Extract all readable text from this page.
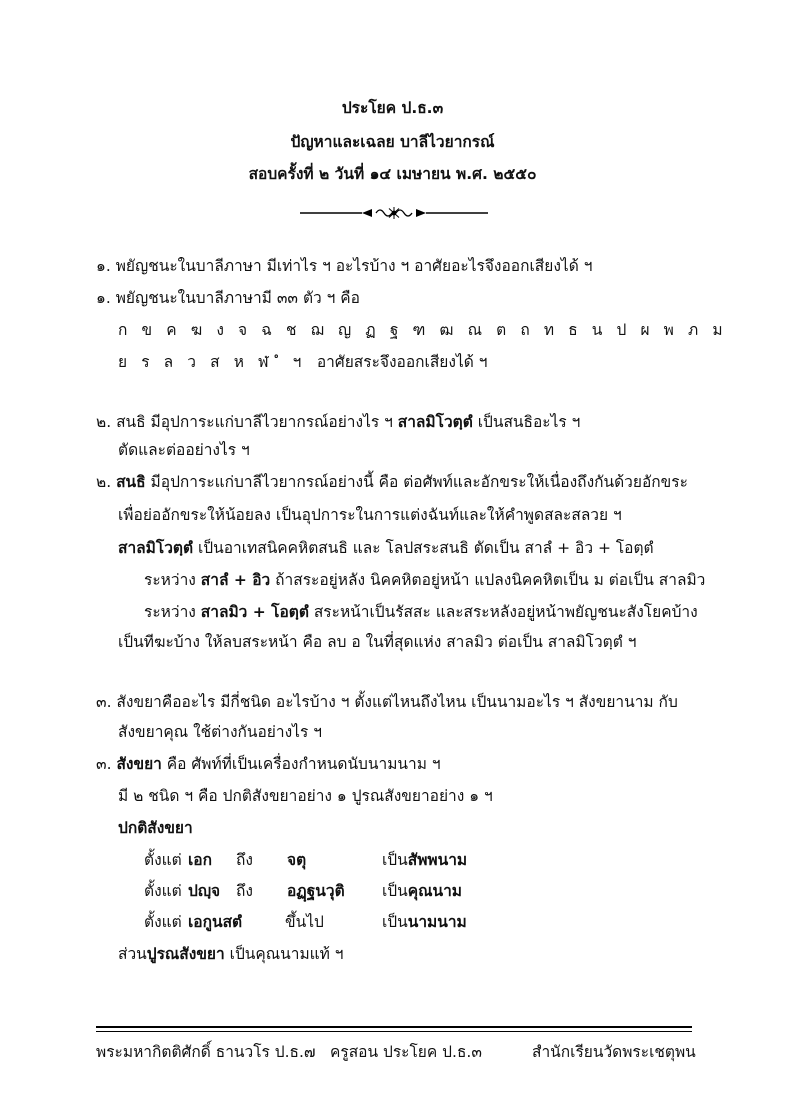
ประโยค ป.ธ.๓
ปัญหาและเฉลย บาลีไวยากรณ์
สอบครั้งที่ ๒ วันที่ ๑๔ เมษายน พ.ศ. ๒๕๕๐
๑. พยัญชนะในบาลีภาษา มีเท่าไร ฯ อะไรบ้าง ฯ อาศัยอะไรจึงออกเสียงได้ ฯ
๑. พยัญชนะในบาลีภาษามี ๓๓ ตัว ฯ คือ
ก ข ค ฆ ง จ ฉ ช ฌ ญ ฏ ฐ ฑ ฒ ณ ต ถ ท ธ น ป ผ พ ภ ม
ย ร ล ว ส ห ฬ ํ ฯ อาศัยสระจึงออกเสียงได้ ฯ
๒. สนธิ มีอุปการะแก่บาลีไวยากรณ์อย่างไร ฯ สาลมิโวตฺตํ เป็นสนธิอะไร ฯ
ตัดและต่ออย่างไร ฯ
๒. สนธิ มีอุปการะแก่บาลีไวยากรณ์อย่างนี้ คือ ต่อศัพท์และอักขระให้เนื่องถึงกันด้วยอักขระ
เพื่อย่ออักขระให้น้อยลง เป็นอุปการะในการแต่งฉันท์และให้คำพูดสละสลวย ฯ
สาลมิโวตฺตํ เป็นอาเทสนิคคหิตสนธิ และ โลปสระสนธิ ตัดเป็น สาลํ + อิว + โอตฺตํ
ระหว่าง สาลํ + อิว ถ้าสระอยู่หลัง นิคคหิตอยู่หน้า แปลงนิคคหิตเป็น ม ต่อเป็น สาลมิว
ระหว่าง สาลมิว + โอตฺตํ สระหน้าเป็นรัสสะ และสระหลังอยู่หน้าพยัญชนะสังโยคบ้าง
เป็นทีฆะบ้าง ให้ลบสระหน้า คือ ลบ อ ในที่สุดแห่ง สาลมิว ต่อเป็น สาลมิโวตฺตํ ฯ
๓. สังขยาคืออะไร มีกี่ชนิด อะไรบ้าง ฯ ตั้งแต่ไหนถึงไหน เป็นนามอะไร ฯ สังขยานาม กับ
สังขยาคุณ ใช้ต่างกันอย่างไร ฯ
๓. สังขยา คือ ศัพท์ที่เป็นเครื่องกำหนดนับนามนาม ฯ
มี ๒ ชนิด ฯ คือ ปกติสังขยาอย่าง ๑ ปูรณสังขยาอย่าง ๑ ฯ
ปกติสังขยา
ตั้งแต่ เอก ถึง จตุ	เป็นสัพพนาม
ตั้งแต่ ปญฺจ ถึง อฏฺฐนวุติ เป็นคุณนาม
ตั้งแต่ เอกูนสตํ	ขึ้นไป	เป็นนามนาม
ส่วนปูรณสังขยา เป็นคุณนามแท้ ฯ
พระมหากิตติศักดิ์ ธานวโร ป.ธ.๗ ครูสอน ประโยค ป.ธ.๓	สำนักเรียนวัดพระเชตุพน
